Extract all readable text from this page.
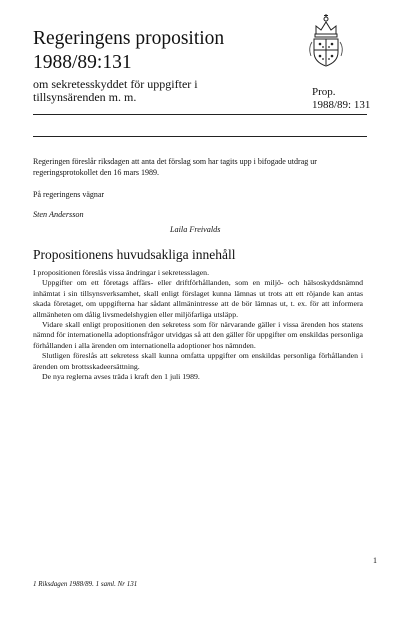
Regeringens proposition
1988/89:131
om sekretesskyddet för uppgifter i
tillsynsärenden m. m.	Prop.
1988/89: 131
Regeringen föreslår riksdagen att anta det förslag som har tagits upp i bifogade utdrag ur regeringsprotokollet den 16 mars 1989.
På regeringens vägnar
Sten Andersson
Laila Freivalds
Propositionens huvudsakliga innehåll

I propositionen föreslås vissa ändringar i sekretesslagen.

Uppgifter om ett företags affärs- eller driftförhållanden, som en miljö- och hälsoskyddsnämnd inhämtat i sin tillsynsverksamhet, skall enligt förslaget kunna lämnas ut trots att ett röjande kan antas skada företaget, om uppgifterna har sådant allmänintresse att de bör lämnas ut, t. ex. för att informera allmänheten om dålig livsmedelshygien eller miljöfarliga utsläpp.

Vidare skall enligt propositionen den sekretess som för närvarande gäller i vissa ärenden hos statens nämnd för internationella adoptionsfrågor utvidgas så att den gäller för uppgifter om enskildas personliga förhållanden i alla ärenden om internationella adoptioner hos nämnden.

Slutligen föreslås att sekretess skall kunna omfatta uppgifter om enskildas personliga förhållanden i ärenden om brottsskadeersättning.

De nya reglerna avses träda i kraft den 1 juli 1989.

1
1 Riksdagen 1988/89. 1 saml. Nr 131
